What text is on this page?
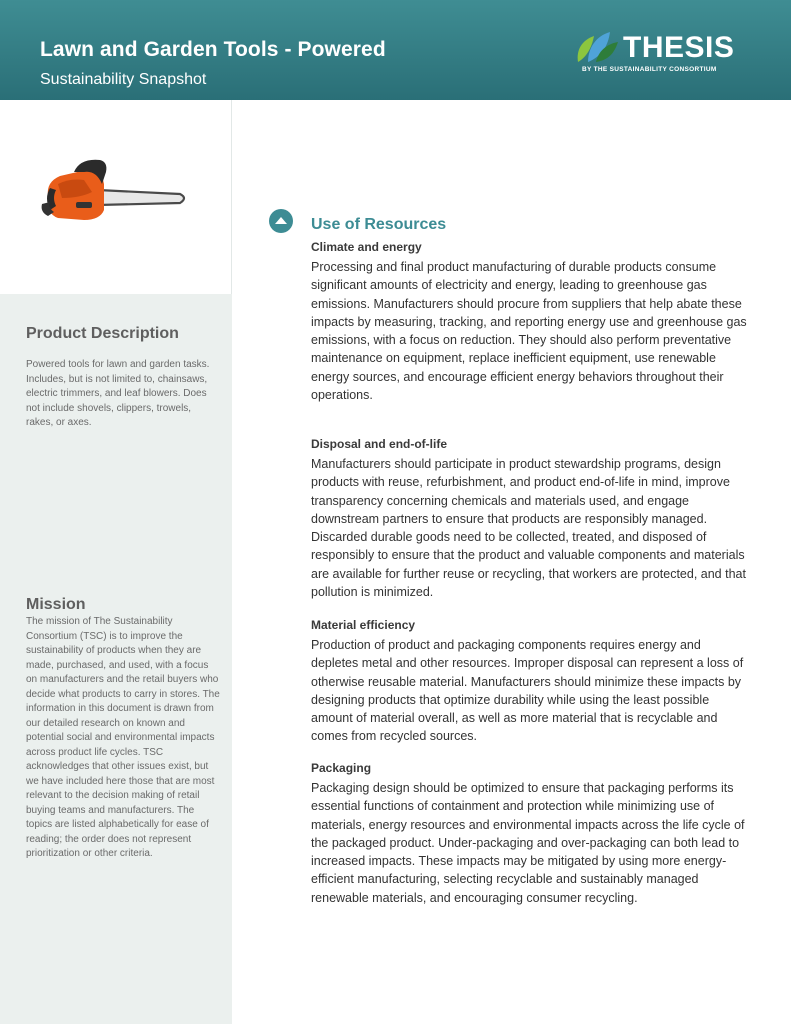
Lawn and Garden Tools - Powered
Sustainability Snapshot
THESIS
BY THE SUSTAINABILITY CONSORTIUM
Product Description
Powered tools for lawn and garden tasks. Includes, but is not limited to, chainsaws, electric trimmers, and leaf blowers. Does not include shovels, clippers, trowels, rakes, or axes.
Mission
The mission of The Sustainability Consortium (TSC) is to improve the sustainability of products when they are made, purchased, and used, with a focus on manufacturers and the retail buyers who decide what products to carry in stores. The information in this document is drawn from our detailed research on known and potential social and environmental impacts across product life cycles. TSC acknowledges that other issues exist, but we have included here those that are most relevant to the decision making of retail buying teams and manufacturers. The topics are listed alphabetically for ease of reading; the order does not represent prioritization or other criteria.
Use of Resources
Climate and energy
Processing and final product manufacturing of durable products consume significant amounts of electricity and energy, leading to greenhouse gas emissions. Manufacturers should procure from suppliers that help abate these impacts by measuring, tracking, and reporting energy use and greenhouse gas emissions, with a focus on reduction. They should also perform preventative maintenance on equipment, replace inefficient equipment, use renewable energy sources, and encourage efficient energy behaviors throughout their operations.
Disposal and end-of-life
Manufacturers should participate in product stewardship programs, design products with reuse, refurbishment, and product end-of-life in mind, improve transparency concerning chemicals and materials used, and engage downstream partners to ensure that products are responsibly managed. Discarded durable goods need to be collected, treated, and disposed of responsibly to ensure that the product and valuable components and materials are available for further reuse or recycling, that workers are protected, and that pollution is minimized.
Material efficiency
Production of product and packaging components requires energy and depletes metal and other resources. Improper disposal can represent a loss of otherwise reusable material. Manufacturers should minimize these impacts by designing products that optimize durability while using the least possible amount of material overall, as well as more material that is recyclable and comes from recycled sources.
Packaging
Packaging design should be optimized to ensure that packaging performs its essential functions of containment and protection while minimizing use of materials, energy resources and environmental impacts across the life cycle of the packaged product. Under-packaging and over-packaging can both lead to increased impacts. These impacts may be mitigated by using more energy-efficient manufacturing, selecting recyclable and sustainably managed renewable materials, and encouraging consumer recycling.
